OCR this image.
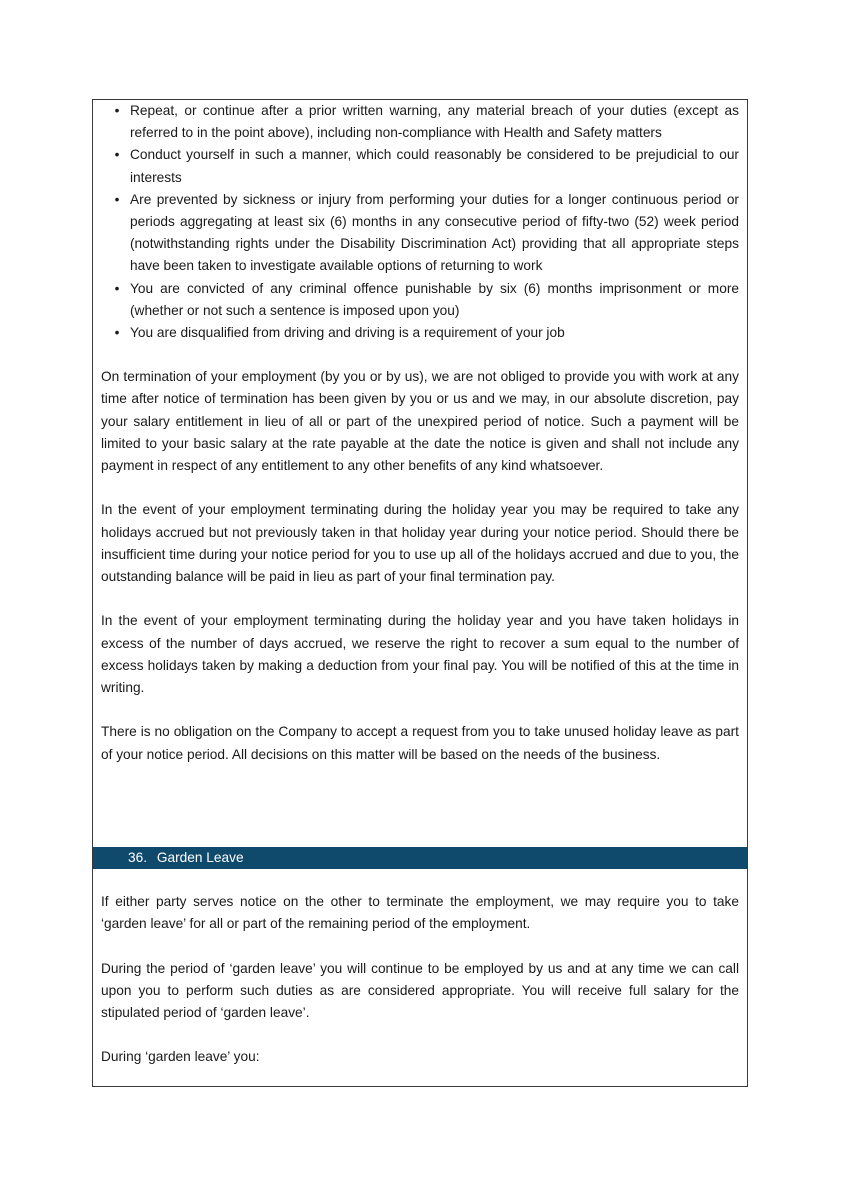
• Repeat, or continue after a prior written warning, any material breach of your duties (except as referred to in the point above), including non-compliance with Health and Safety matters
• Conduct yourself in such a manner, which could reasonably be considered to be prejudicial to our interests
• Are prevented by sickness or injury from performing your duties for a longer continuous period or periods aggregating at least six (6) months in any consecutive period of fifty-two (52) week period (notwithstanding rights under the Disability Discrimination Act) providing that all appropriate steps have been taken to investigate available options of returning to work
• You are convicted of any criminal offence punishable by six (6) months imprisonment or more (whether or not such a sentence is imposed upon you)
• You are disqualified from driving and driving is a requirement of your job

On termination of your employment (by you or by us), we are not obliged to provide you with work at any time after notice of termination has been given by you or us and we may, in our absolute discretion, pay your salary entitlement in lieu of all or part of the unexpired period of notice. Such a payment will be limited to your basic salary at the rate payable at the date the notice is given and shall not include any payment in respect of any entitlement to any other benefits of any kind whatsoever.

In the event of your employment terminating during the holiday year you may be required to take any holidays accrued but not previously taken in that holiday year during your notice period. Should there be insufficient time during your notice period for you to use up all of the holidays accrued and due to you, the outstanding balance will be paid in lieu as part of your final termination pay.

In the event of your employment terminating during the holiday year and you have taken holidays in excess of the number of days accrued, we reserve the right to recover a sum equal to the number of excess holidays taken by making a deduction from your final pay. You will be notified of this at the time in writing.

There is no obligation on the Company to accept a request from you to take unused holiday leave as part of your notice period. All decisions on this matter will be based on the needs of the business.

36. Garden Leave

If either party serves notice on the other to terminate the employment, we may require you to take ‘garden leave’ for all or part of the remaining period of the employment.

During the period of ‘garden leave’ you will continue to be employed by us and at any time we can call upon you to perform such duties as are considered appropriate. You will receive full salary for the stipulated period of ‘garden leave’.

During ‘garden leave’ you:
